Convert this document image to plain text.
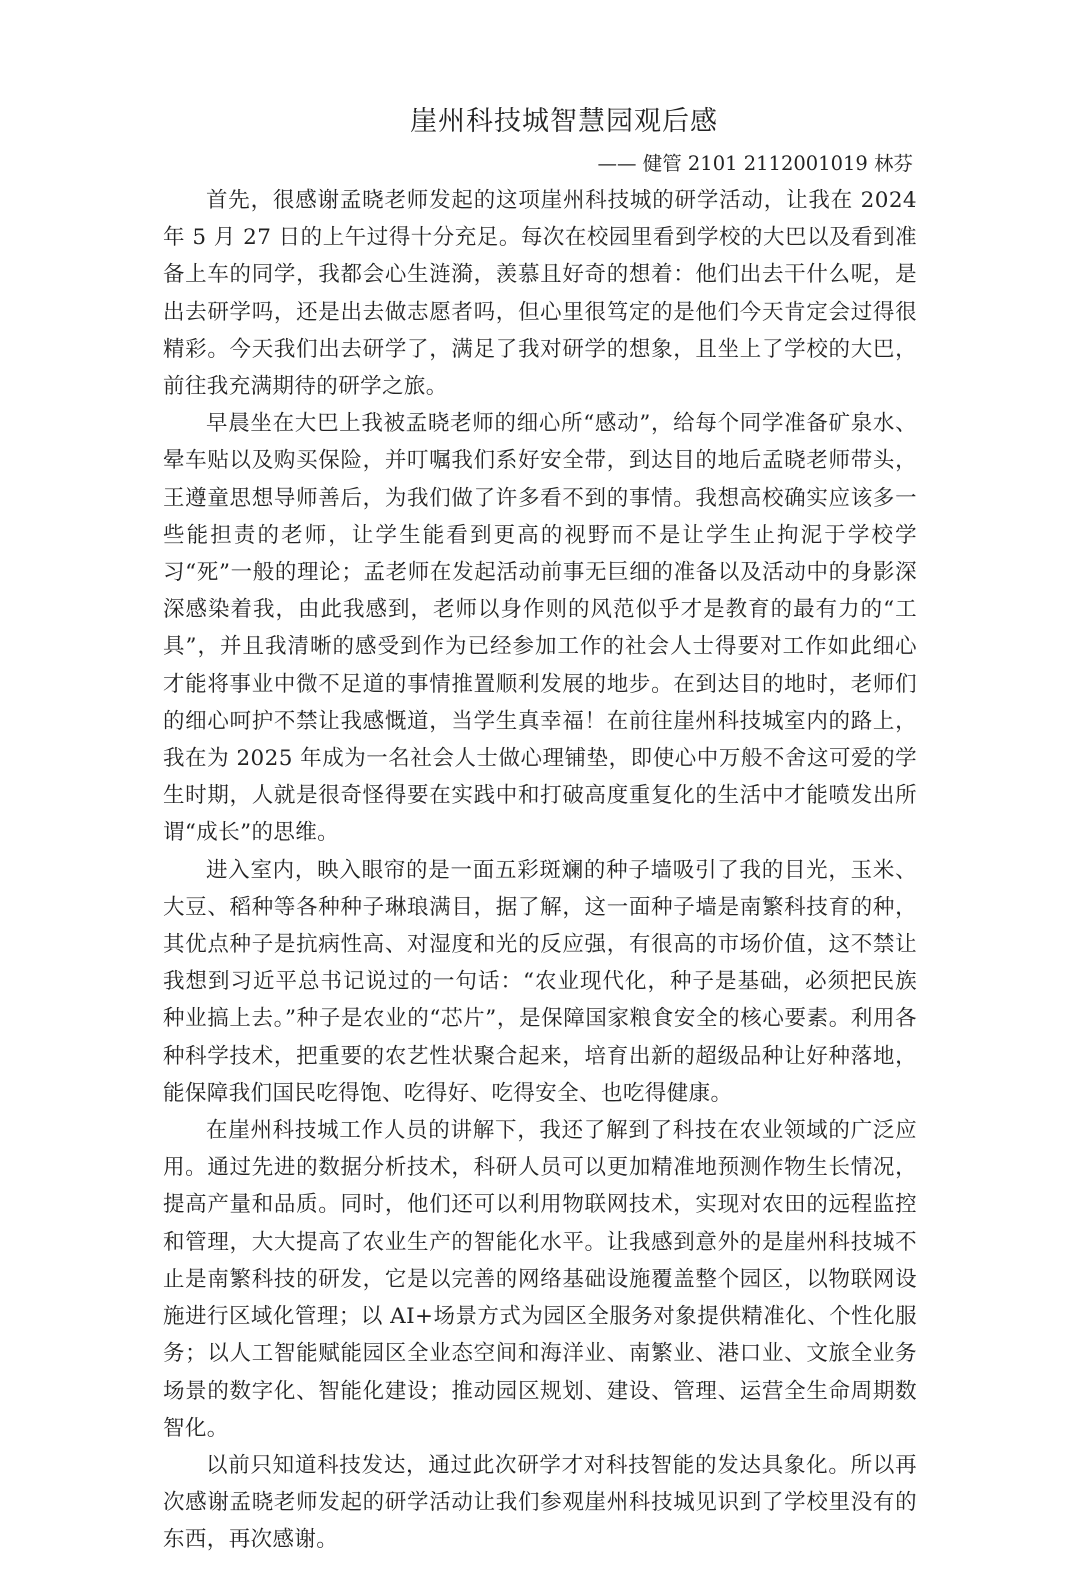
崖州科技城智慧园观后感
—— 健管 2101 2112001019 林芬

首先，很感谢孟晓老师发起的这项崖州科技城的研学活动，让我在 2024 年 5 月 27 日的上午过得十分充足。每次在校园里看到学校的大巴以及看到准备上车的同学，我都会心生涟漪，羡慕且好奇的想着：他们出去干什么呢，是出去研学吗，还是出去做志愿者吗，但心里很笃定的是他们今天肯定会过得很精彩。今天我们出去研学了，满足了我对研学的想象，且坐上了学校的大巴，前往我充满期待的研学之旅。

早晨坐在大巴上我被孟晓老师的细心所“感动”，给每个同学准备矿泉水、晕车贴以及购买保险，并叮嘱我们系好安全带，到达目的地后孟晓老师带头，王遵童思想导师善后，为我们做了许多看不到的事情。我想高校确实应该多一些能担责的老师，让学生能看到更高的视野而不是让学生止拘泥于学校学习“死”一般的理论；孟老师在发起活动前事无巨细的准备以及活动中的身影深深感染着我，由此我感到，老师以身作则的风范似乎才是教育的最有力的“工具”，并且我清晰的感受到作为已经参加工作的社会人士得要对工作如此细心才能将事业中微不足道的事情推置顺利发展的地步。在到达目的地时，老师们的细心呵护不禁让我感慨道，当学生真幸福！在前往崖州科技城室内的路上，我在为 2025 年成为一名社会人士做心理铺垫，即使心中万般不舍这可爱的学生时期，人就是很奇怪得要在实践中和打破高度重复化的生活中才能喷发出所谓“成长”的思维。

进入室内，映入眼帘的是一面五彩斑斓的种子墙吸引了我的目光，玉米、大豆、稻种等各种种子琳琅满目，据了解，这一面种子墙是南繁科技育的种，其优点种子是抗病性高、对湿度和光的反应强，有很高的市场价值，这不禁让我想到习近平总书记说过的一句话：“农业现代化，种子是基础，必须把民族种业搞上去。”种子是农业的“芯片”，是保障国家粮食安全的核心要素。利用各种科学技术，把重要的农艺性状聚合起来，培育出新的超级品种让好种落地，能保障我们国民吃得饱、吃得好、吃得安全、也吃得健康。

在崖州科技城工作人员的讲解下，我还了解到了科技在农业领域的广泛应用。通过先进的数据分析技术，科研人员可以更加精准地预测作物生长情况，提高产量和品质。同时，他们还可以利用物联网技术，实现对农田的远程监控和管理，大大提高了农业生产的智能化水平。让我感到意外的是崖州科技城不止是南繁科技的研发，它是以完善的网络基础设施覆盖整个园区，以物联网设施进行区域化管理；以 AI+场景方式为园区全服务对象提供精准化、个性化服务；以人工智能赋能园区全业态空间和海洋业、南繁业、港口业、文旅全业务场景的数字化、智能化建设；推动园区规划、建设、管理、运营全生命周期数智化。

以前只知道科技发达，通过此次研学才对科技智能的发达具象化。所以再次感谢孟晓老师发起的研学活动让我们参观崖州科技城见识到了学校里没有的东西，再次感谢。
